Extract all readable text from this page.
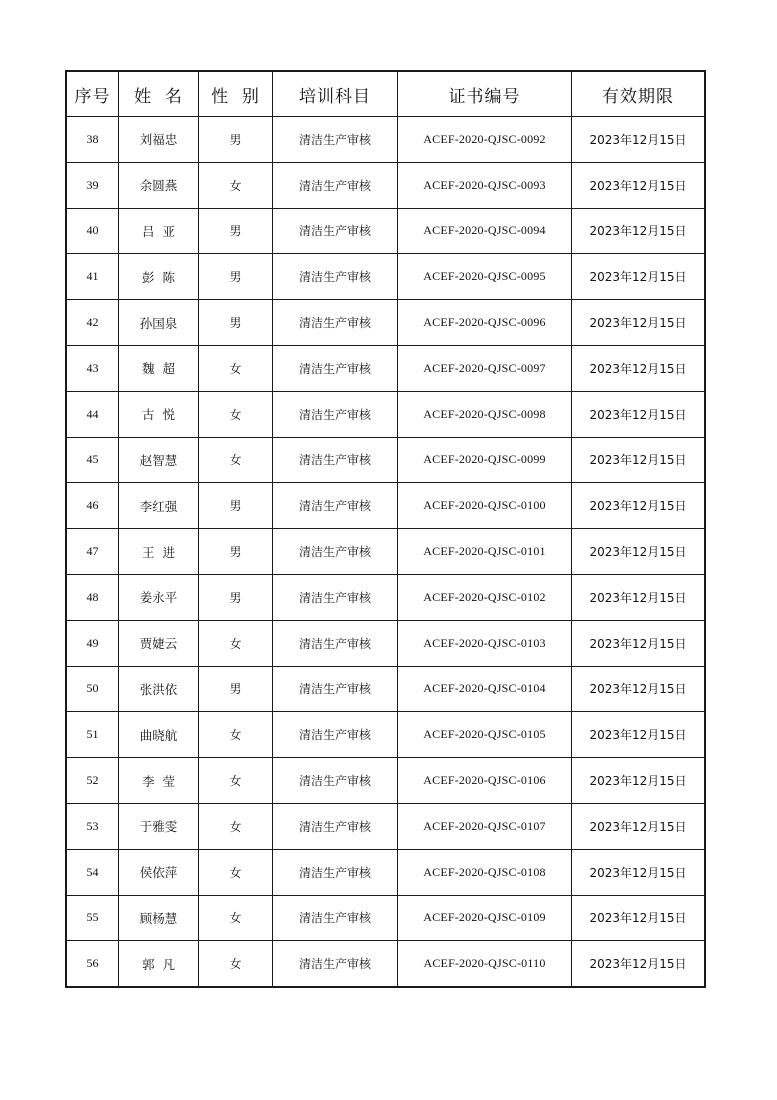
序号	姓  名	性  别	培训科目	证书编号	有效期限
38	刘福忠	男	清洁生产审核	ACEF-2020-QJSC-0092	2023年12月15日
39	余圆燕	女	清洁生产审核	ACEF-2020-QJSC-0093	2023年12月15日
40	吕  亚	男	清洁生产审核	ACEF-2020-QJSC-0094	2023年12月15日
41	彭  陈	男	清洁生产审核	ACEF-2020-QJSC-0095	2023年12月15日
42	孙国泉	男	清洁生产审核	ACEF-2020-QJSC-0096	2023年12月15日
43	魏  超	女	清洁生产审核	ACEF-2020-QJSC-0097	2023年12月15日
44	古  悦	女	清洁生产审核	ACEF-2020-QJSC-0098	2023年12月15日
45	赵智慧	女	清洁生产审核	ACEF-2020-QJSC-0099	2023年12月15日
46	李红强	男	清洁生产审核	ACEF-2020-QJSC-0100	2023年12月15日
47	王  进	男	清洁生产审核	ACEF-2020-QJSC-0101	2023年12月15日
48	姜永平	男	清洁生产审核	ACEF-2020-QJSC-0102	2023年12月15日
49	贾婕云	女	清洁生产审核	ACEF-2020-QJSC-0103	2023年12月15日
50	张洪依	男	清洁生产审核	ACEF-2020-QJSC-0104	2023年12月15日
51	曲晓航	女	清洁生产审核	ACEF-2020-QJSC-0105	2023年12月15日
52	李  莹	女	清洁生产审核	ACEF-2020-QJSC-0106	2023年12月15日
53	于雅雯	女	清洁生产审核	ACEF-2020-QJSC-0107	2023年12月15日
54	侯依萍	女	清洁生产审核	ACEF-2020-QJSC-0108	2023年12月15日
55	顾杨慧	女	清洁生产审核	ACEF-2020-QJSC-0109	2023年12月15日
56	郭  凡	女	清洁生产审核	ACEF-2020-QJSC-0110	2023年12月15日
